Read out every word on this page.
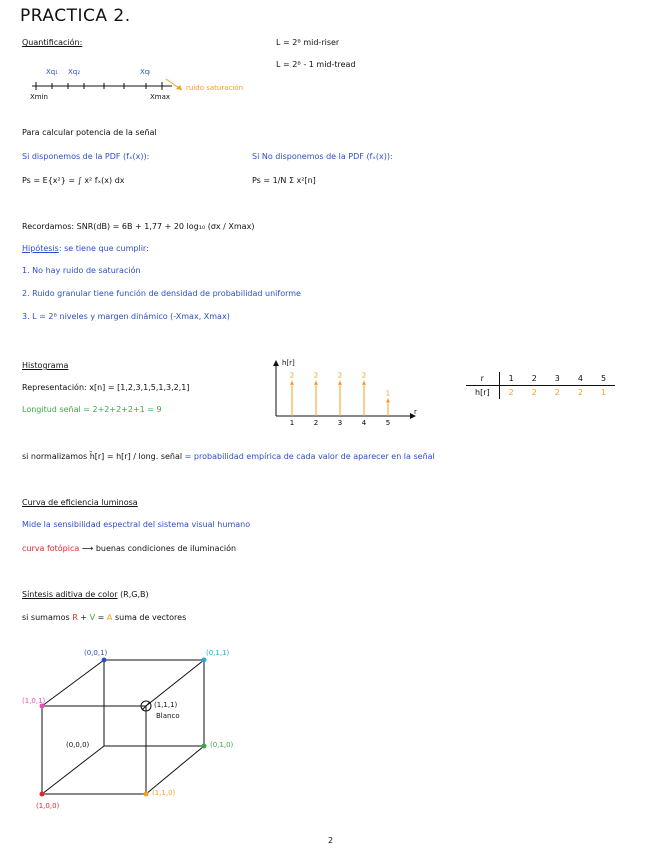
PRACTICA 2.
Quantificación:	L = 2ᴮ mid-riser
L = 2ᴮ - 1 mid-tread
Xq₁ Xq₂	Xqₗ
Xmin	Xmax
ruido saturación
Para calcular potencia de la señal
Si disponemos de la PDF (fₓ(x)):	Si No disponemos de la PDF (fₓ(x)):
Ps = E{x²} = ∫ x² fₓ(x) dx	Ps = 1/N Σ x²[n]
Recordamos: SNR(dB) = 6B + 1,77 + 20 log₁₀ (σx / Xmax)
Hipótesis: se tiene que cumplir:
1. No hay ruido de saturación
2. Ruido granular tiene función de densidad de probabilidad uniforme
3. L = 2ᴮ niveles y margen dinámico (-Xmax, Xmax)
Histograma
Representación: x[n] = [1,2,3,1,5,1,3,2,1]
Longitud señal = 2+2+2+2+1 = 9
2
1
2
2
2
3
2
4
1
5
h[r]
r
r	1	2	3	4	5
h[r]	2	2	2	2	1
si normalizamos h̄[r] = h[r] / long. señal = probabilidad empírica de cada valor de aparecer en la señal
Curva de eficiencia luminosa
Mide la sensibilidad espectral del sistema visual humano
curva fotópica ⟶ buenas condiciones de iluminación
Síntesis aditiva de color (R,G,B)
si sumamos R + V = A suma de vectores
(0,0,1)	(0,1,1)
(1,0,1)	(1,1,1)
Blanco
(0,0,0)	(0,1,0)
(1,0,0)
(1,1,0)
2
